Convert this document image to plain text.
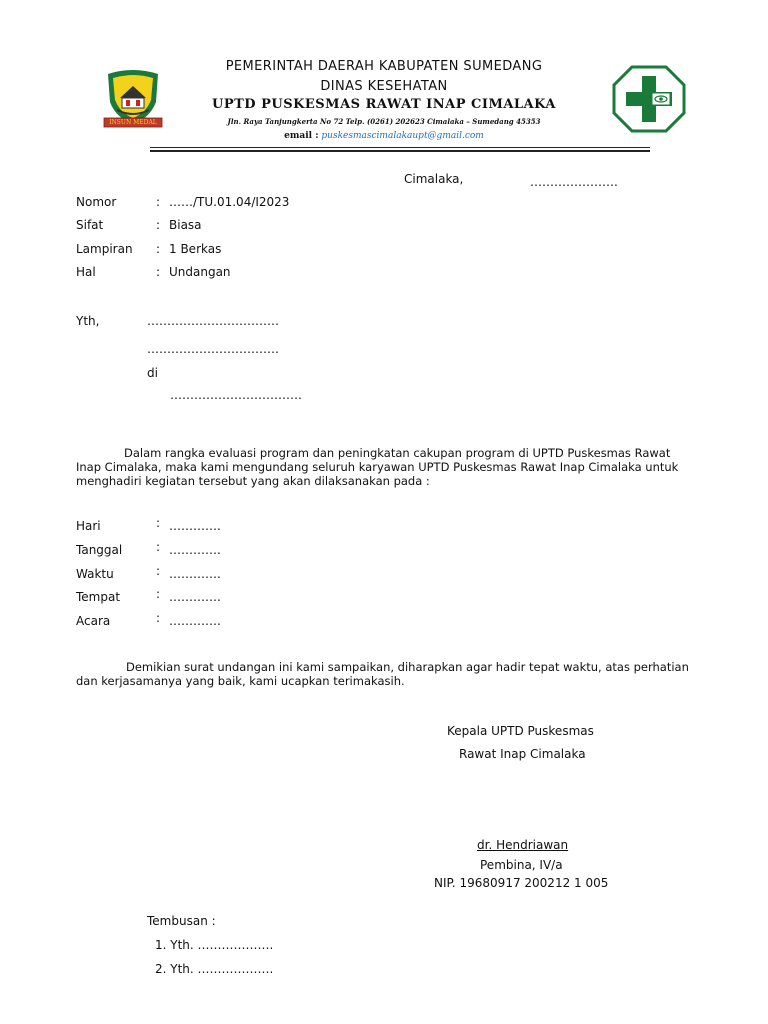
INSUN MEDAL
PEMERINTAH DAERAH KABUPATEN SUMEDANG
DINAS KESEHATAN
UPTD PUSKESMAS RAWAT INAP CIMALAKA
Jln. Raya Tanjungkerta No 72 Telp. (0261) 202623 Cimalaka – Sumedang 45353
email : puskesmascimalakaupt@gmail.com
Cimalaka,	………………….
Nomor	: ……/TU.01.04/I2023
Sifat	: Biasa
Lampiran : 1 Berkas
Hal	: Undangan
Yth,	……………………………
……………………………
di
……………………………
Dalam rangka evaluasi program dan peningkatan cakupan program di UPTD Puskesmas Rawat Inap Cimalaka, maka kami mengundang seluruh karyawan UPTD Puskesmas Rawat Inap Cimalaka untuk menghadiri kegiatan tersebut yang akan dilaksanakan pada :
Hari	: ………….
Tanggal	: ………….
Waktu	: ………….
Tempat	: ………….
Acara	: ………….
Demikian surat undangan ini kami sampaikan, diharapkan agar hadir tepat waktu, atas perhatian dan kerjasamanya yang baik, kami ucapkan terimakasih.
Kepala UPTD Puskesmas
Rawat Inap Cimalaka
dr. Hendriawan
Pembina, IV/a
NIP. 19680917 200212 1 005
Tembusan :
1. Yth. ……………….
2. Yth. ……………….
